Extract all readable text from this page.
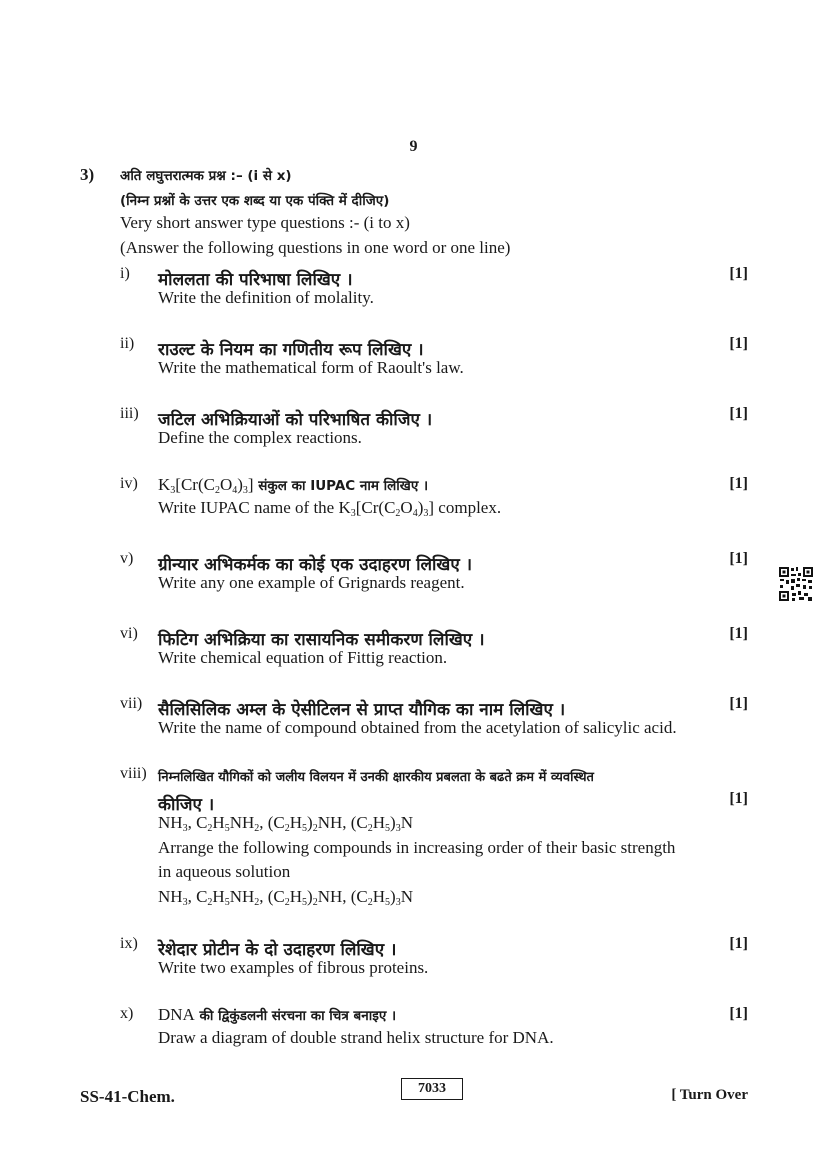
9
3) अति लघुत्तरात्मक प्रश्न :– (i से x)
(निम्न प्रश्नों के उत्तर एक शब्द या एक पंक्ति में दीजिए)
Very short answer type questions :- (i to x)
(Answer the following questions in one word or one line)
i) मोललता की परिभाषा लिखिए ।	[1]
Write the definition of molality.
ii) राउल्ट के नियम का गणितीय रूप लिखिए ।	[1]
Write the mathematical form of Raoult's law.
iii) जटिल अभिक्रियाओं को परिभाषित कीजिए ।	[1]
Define the complex reactions.
iv) $K_3[Cr(C_2O_4)_3]$ संकुल का IUPAC नाम लिखिए ।	[1]
Write IUPAC name of the $K_3[Cr(C_2O_4)_3]$ complex.
v) ग्रीन्यार अभिकर्मक का कोई एक उदाहरण लिखिए ।	[1]
Write any one example of Grignards reagent.
vi) फिटिग अभिक्रिया का रासायनिक समीकरण लिखिए ।	[1]
Write chemical equation of Fittig reaction.
vii) सैलिसिलिक अम्ल के ऐसीटिलन से प्राप्त यौगिक का नाम लिखिए ।	[1]
Write the name of compound obtained from the acetylation of salicylic acid.
viii) निम्नलिखित यौगिकों को जलीय विलयन में उनकी क्षारकीय प्रबलता के बढते क्रम में व्यवस्थित
कीजिए ।	[1]
$NH_3$, $C_2H_5NH_2$, $(C_2H_5)_2NH$, $(C_2H_5)_3N$
Arrange the following compounds in increasing order of their basic strength
in aqueous solution
$NH_3$, $C_2H_5NH_2$, $(C_2H_5)_2NH$, $(C_2H_5)_3N$
ix) रेशेदार प्रोटीन के दो उदाहरण लिखिए ।	[1]
Write two examples of fibrous proteins.
x) DNA की द्विकुंडलनी संरचना का चित्र बनाइए ।	[1]
Draw a diagram of double strand helix structure for DNA.
SS-41-Chem.	7033	[ Turn Over
